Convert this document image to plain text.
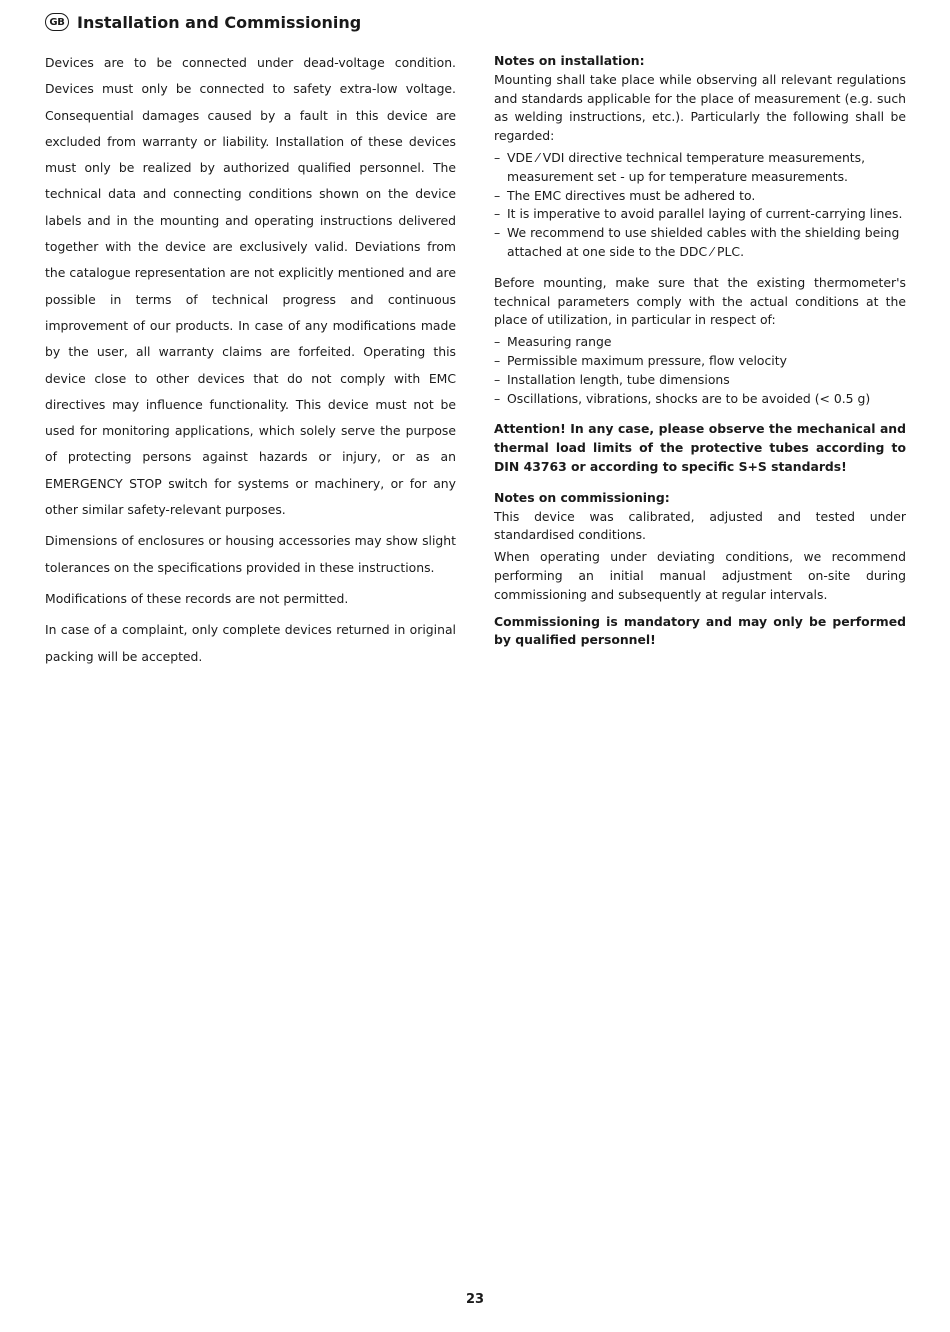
GB Installation and Commissioning

Devices are to be connected under dead-voltage condition. Devices must only be connected to safety extra-low voltage. Consequential damages caused by a fault in this device are excluded from warranty or liability. Installation of these devices must only be realized by authorized qualified personnel. The technical data and connecting conditions shown on the device labels and in the mounting and operating instructions delivered together with the device are exclusively valid. Deviations from the catalogue representation are not explicitly mentioned and are possible in terms of technical progress and continuous improvement of our products. In case of any modifications made by the user, all warranty claims are forfeited. Operating this device close to other devices that do not comply with EMC directives may influence functionality. This device must not be used for monitoring applications, which solely serve the purpose of protecting persons against hazards or injury, or as an EMERGENCY STOP switch for systems or machinery, or for any other similar safety-relevant purposes.

Dimensions of enclosures or housing accessories may show slight tolerances on the specifications provided in these instructions.

Modifications of these records are not permitted.

In case of a complaint, only complete devices returned in original packing will be accepted.

Notes on installation:

Mounting shall take place while observing all relevant regulations and standards applicable for the place of measurement (e.g. such as welding instructions, etc.). Particularly the following shall be regarded:

– VDE ⁄ VDI directive technical temperature measurements, measurement set - up for temperature measurements.
– The EMC directives must be adhered to.
– It is imperative to avoid parallel laying of current-carrying lines.
– We recommend to use shielded cables with the shielding being attached at one side to the DDC ⁄ PLC.

Before mounting, make sure that the existing thermometer's technical parameters comply with the actual conditions at the place of utilization, in particular in respect of:

– Measuring range
– Permissible maximum pressure, flow velocity
– Installation length, tube dimensions
– Oscillations, vibrations, shocks are to be avoided (< 0.5 g)

Attention! In any case, please observe the mechanical and thermal load limits of the protective tubes according to DIN 43763 or according to specific S+S standards!

Notes on commissioning:

This device was calibrated, adjusted and tested under standardised conditions.

When operating under deviating conditions, we recommend performing an initial manual adjustment on-site during commissioning and subsequently at regular intervals.

Commissioning is mandatory and may only be performed by qualified personnel!

23
